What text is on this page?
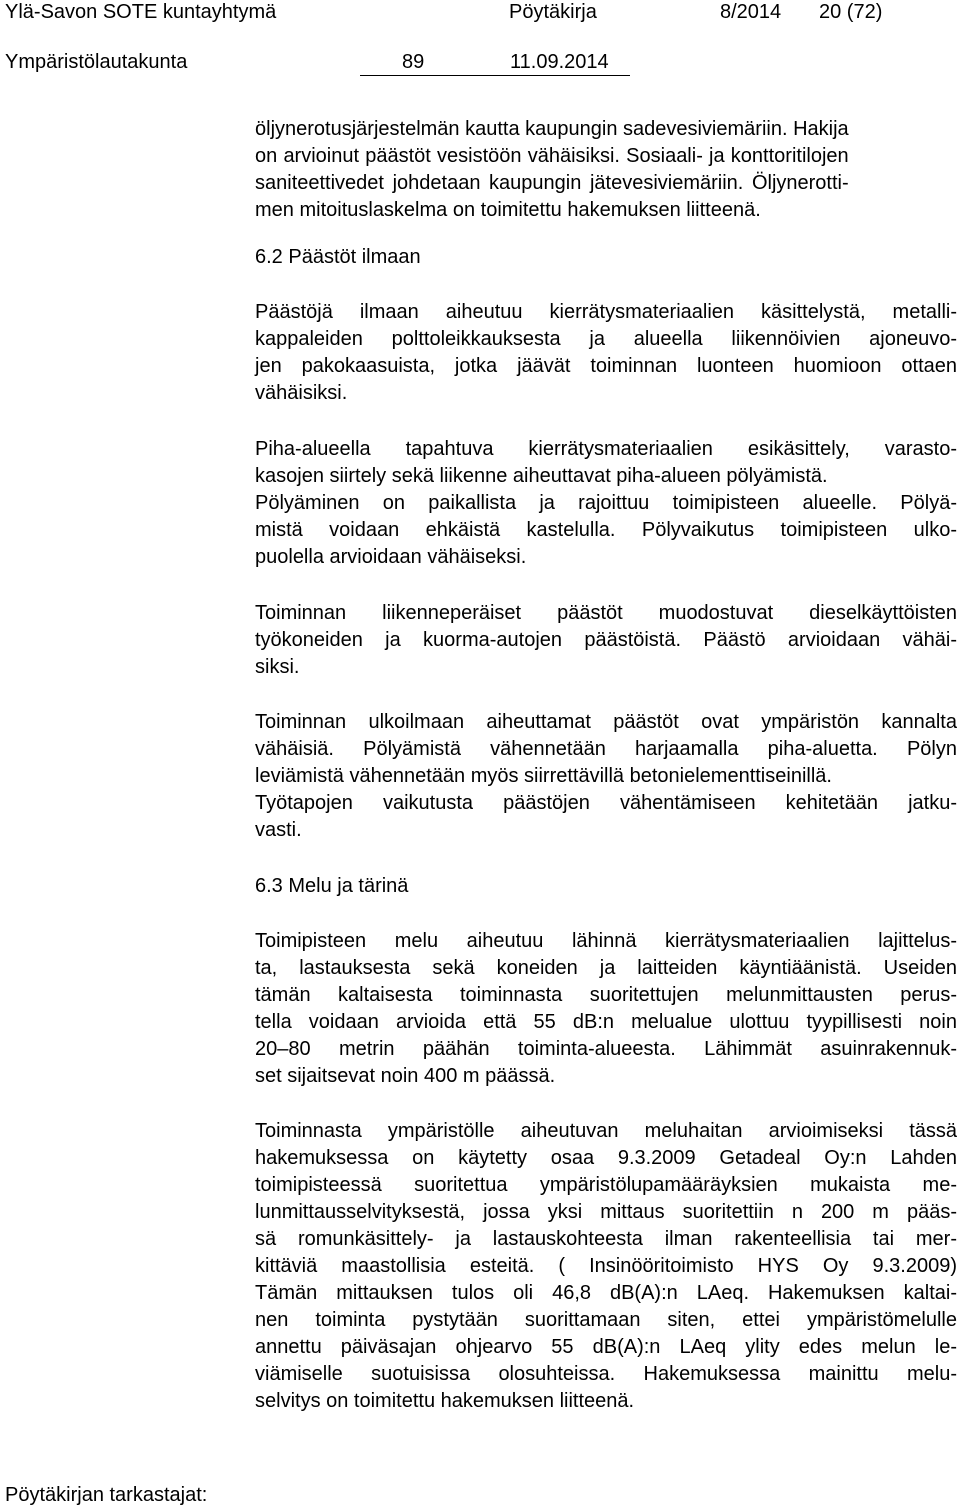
Ylä-Savon SOTE kuntayhtymä	Pöytäkirja	8/2014 20 (72)
Ympäristölautakunta	89	11.09.2014
öljynerotusjärjestelmän kautta kaupungin sadevesiviemäriin. Hakija
on arvioinut päästöt vesistöön vähäisiksi. Sosiaali- ja konttoritilojen
saniteettivedet johdetaan kaupungin jätevesiviemäriin. Öljynerotti-
men mitoituslaskelma on toimitettu hakemuksen liitteenä.
6.2 Päästöt ilmaan
Päästöjä ilmaan aiheutuu kierrätysmateriaalien käsittelystä, metalli-
kappaleiden polttoleikkauksesta ja alueella liikennöivien ajoneuvo-
jen pakokaasuista, jotka jäävät toiminnan luonteen huomioon ottaen
vähäisiksi.
Piha-alueella tapahtuva kierrätysmateriaalien esikäsittely, varasto-
kasojen siirtely sekä liikenne aiheuttavat piha-alueen pölyämistä.
Pölyäminen on paikallista ja rajoittuu toimipisteen alueelle. Pölyä-
mistä voidaan ehkäistä kastelulla. Pölyvaikutus toimipisteen ulko-
puolella arvioidaan vähäiseksi.
Toiminnan liikenneperäiset päästöt muodostuvat dieselkäyttöisten
työkoneiden ja kuorma-autojen päästöistä. Päästö arvioidaan vähäi-
siksi.
Toiminnan ulkoilmaan aiheuttamat päästöt ovat ympäristön kannalta
vähäisiä. Pölyämistä vähennetään harjaamalla piha-aluetta. Pölyn
leviämistä vähennetään myös siirrettävillä betonielementtiseinillä.
Työtapojen vaikutusta päästöjen vähentämiseen kehitetään jatku-
vasti.
6.3 Melu ja tärinä
Toimipisteen melu aiheutuu lähinnä kierrätysmateriaalien lajittelus-
ta, lastauksesta sekä koneiden ja laitteiden käyntiäänistä. Useiden
tämän kaltaisesta toiminnasta suoritettujen melunmittausten perus-
tella voidaan arvioida että 55 dB:n melualue ulottuu tyypillisesti noin
20–80 metrin päähän toiminta-alueesta. Lähimmät asuinrakennuk-
set sijaitsevat noin 400 m päässä.
Toiminnasta ympäristölle aiheutuvan meluhaitan arvioimiseksi tässä
hakemuksessa on käytetty osaa 9.3.2009 Getadeal Oy:n Lahden
toimipisteessä suoritettua ympäristölupamääräyksien mukaista me-
lunmittausselvityksestä, jossa yksi mittaus suoritettiin n 200 m pääs-
sä romunkäsittely- ja lastauskohteesta ilman rakenteellisia tai mer-
kittäviä maastollisia esteitä. ( Insinööritoimisto HYS Oy 9.3.2009)
Tämän mittauksen tulos oli 46,8 dB(A):n LAeq. Hakemuksen kaltai-
nen toiminta pystytään suorittamaan siten, ettei ympäristömelulle
annettu päiväsajan ohjearvo 55 dB(A):n LAeq ylity edes melun le-
viämiselle suotuisissa olosuhteissa. Hakemuksessa mainittu melu-
selvitys on toimitettu hakemuksen liitteenä.
Pöytäkirjan tarkastajat:
